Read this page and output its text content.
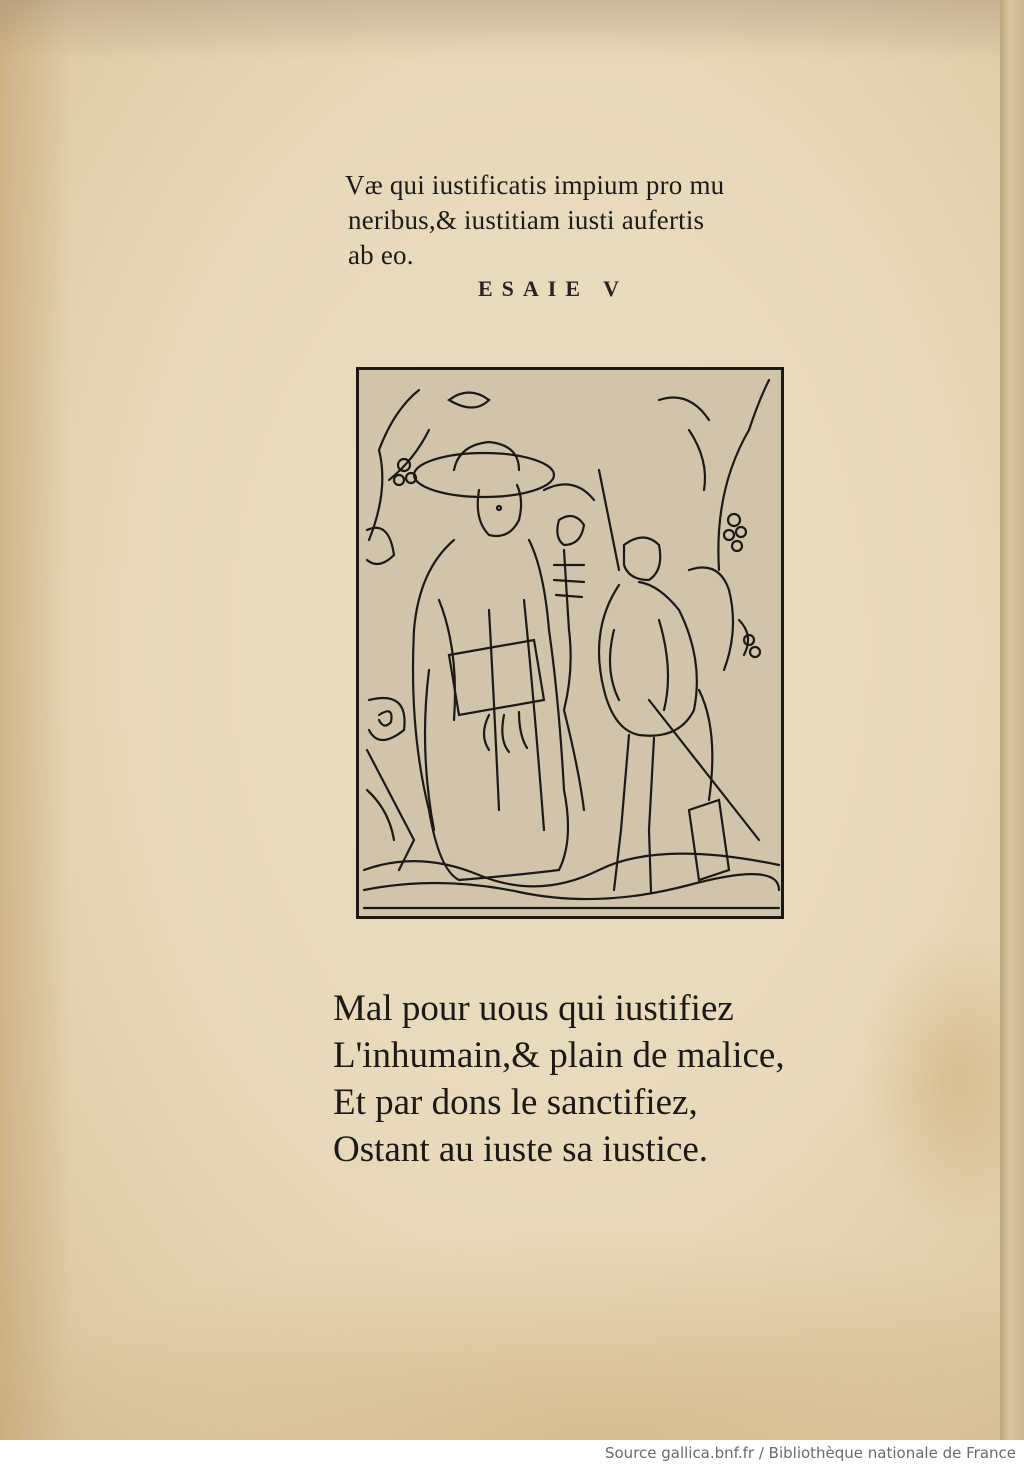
Væ qui iustificatis impium pro mu
neribus,& iustitiam iusti aufertis
ab eo.
ESAIE V
Mal pour uous qui iustifiez
L'inhumain,& plain de malice,
Et par dons le sanctifiez,
Ostant au iuste sa iustice.
Source gallica.bnf.fr / Bibliothèque nationale de France
